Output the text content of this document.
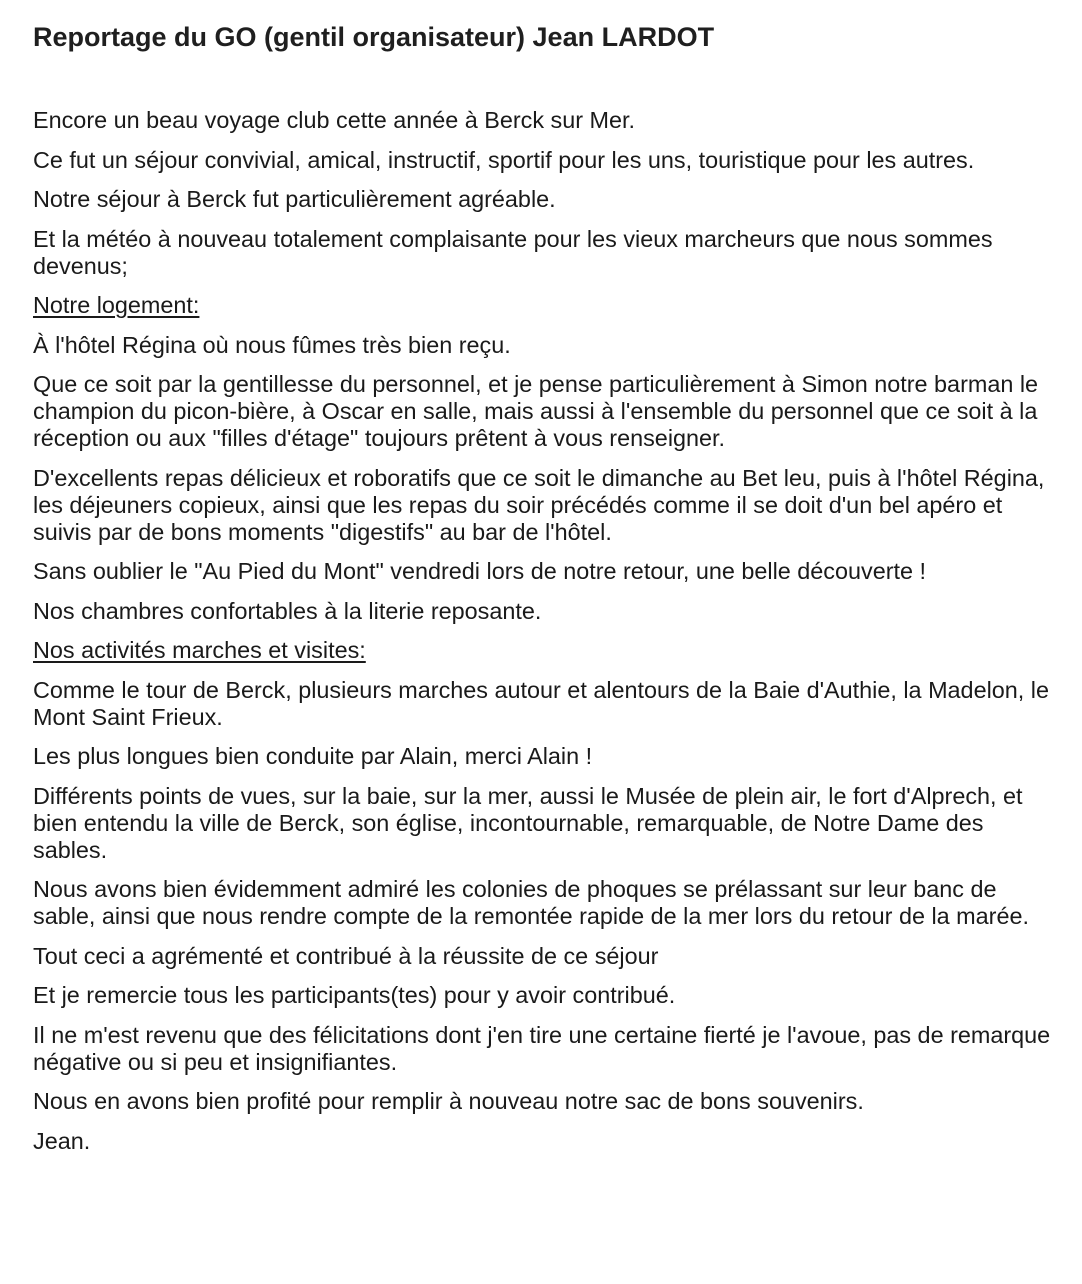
Reportage du GO (gentil organisateur) Jean LARDOT

Encore un beau voyage club cette année à Berck sur Mer.

Ce fut un séjour convivial, amical, instructif, sportif pour les uns, touristique pour les autres.

Notre séjour à Berck fut particulièrement agréable.

Et la météo à nouveau totalement complaisante pour les vieux marcheurs que nous sommes devenus;

Notre logement:

À l'hôtel Régina où nous fûmes très bien reçu.

Que ce soit par la gentillesse du personnel, et je pense particulièrement à Simon notre barman le champion du picon-bière, à Oscar en salle, mais aussi à l'ensemble du personnel que ce soit à la réception ou aux "filles d'étage" toujours prêtent à vous renseigner.

D'excellents repas délicieux et roboratifs que ce soit le dimanche au Bet leu, puis à l'hôtel Régina, les déjeuners copieux, ainsi que les repas du soir précédés comme il se doit d'un bel apéro et suivis par de bons moments "digestifs" au bar de l'hôtel.

Sans oublier le "Au Pied du Mont" vendredi lors de notre retour, une belle découverte !

Nos chambres confortables à la literie reposante.

Nos activités marches et visites:

Comme le tour de Berck, plusieurs marches autour et alentours de la Baie d'Authie, la Madelon, le Mont Saint Frieux.

Les plus longues bien conduite par Alain, merci Alain !

Différents points de vues, sur la baie, sur la mer, aussi le Musée de plein air, le fort d'Alprech, et bien entendu la ville de Berck, son église, incontournable, remarquable, de Notre Dame des sables.

Nous avons bien évidemment admiré les colonies de phoques se prélassant sur leur banc de sable, ainsi que nous rendre compte de la remontée rapide de la mer lors du retour de la marée.

Tout ceci a agrémenté et contribué à la réussite de ce séjour

Et je remercie tous les participants(tes) pour y avoir contribué.

Il ne m'est revenu que des félicitations dont j'en tire une certaine fierté je l'avoue, pas de remarque négative ou si peu et insignifiantes.

Nous en avons bien profité pour remplir à nouveau notre sac de bons souvenirs.

Jean.
